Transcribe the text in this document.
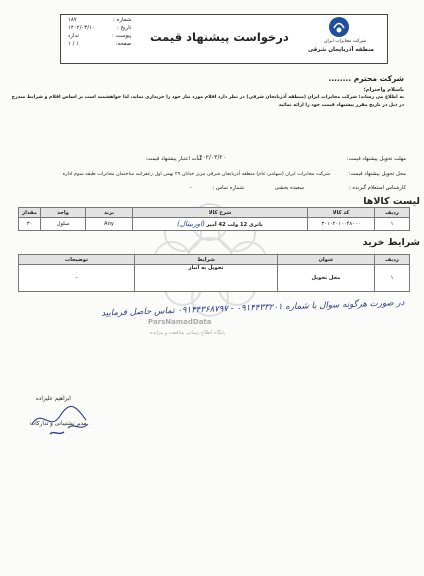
شرکت مخابرات ایران
منطقه آذربایجان شرقی
درخواست پیشنهاد قیمت
شماره :	۱۸۷
تاریخ :	۱۴۰۲/۰۳/۱۰
پیوست :	ندارد
صفحه:	۱ / ۱
ParsNamadData
پایگاه اطلاع رسانی مناقصه و مزایده
شرکت محترم ........
باسلام واحترام؛
به اطلاع می رساند؛ شرکت مخابرات ایران (منطقه آذربایجان شرقی) در نظر دارد اقلام مورد نیاز خود را خریداری نماید، لذا خواهشمند است بر اساس اقلام و شرایط مندرج
در ذیل در تاریخ مقرر پیشنهاد قیمت خود را ارائه نمائید
مهلت تحویل پیشنهاد قیمت:
۱۴۰۲/۰۳/۲۰
مدت اعتبار پیشنهاد قیمت:
محل تحویل پیشنهاد قیمت:
شرکت مخابرات ایران (سهامی عام) منطقه آذربایجان شرقی تبریز خیابان ۲۹ بهمن اول زعفرانیه ساختمان مخابرات طبقه سوم اداره
کارشناس استعلام گیرنده :
سعیده یخشی
شماره تماس :
-
لیست کالاها
ردیف	کد کالا	شرح کالا	برند	واحد	مقدار
۱	۳۰۱۰۲۰۱۰۰۴۸۰۰۰	باتری 12 ولت 42 آمپر (اوربیتال)	Any	سلول	۳۰
شرایط خرید
ردیف	عنوان	شرایط	توضیحات
۱	محل تحویل	تحویل به انبار	-
در صورت هرگونه سوال با شماره ۰۹۱۴۴۳۳۲۰۱ - ۰۹۱۴۴۳۶۸۷۹۷ تماس حاصل فرمایید
ابراهیم علیزاده
مدیر پشتیبانی و تدارکات
